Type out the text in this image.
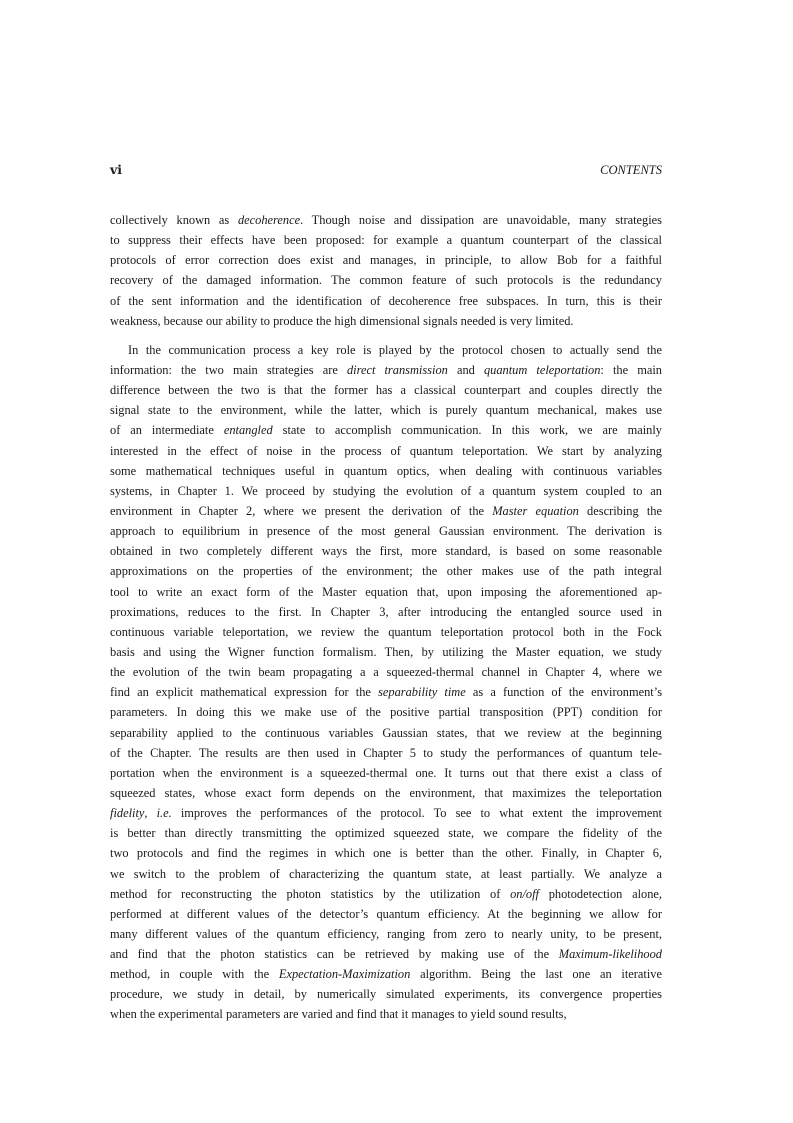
vi	CONTENTS
collectively known as decoherence. Though noise and dissipation are unavoidable, many strategies
to suppress their effects have been proposed: for example a quantum counterpart of the classical
protocols of error correction does exist and manages, in principle, to allow Bob for a faithful
recovery of the damaged information. The common feature of such protocols is the redundancy
of the sent information and the identification of decoherence free subspaces. In turn, this is their
weakness, because our ability to produce the high dimensional signals needed is very limited.
In the communication process a key role is played by the protocol chosen to actually send the
information: the two main strategies are direct transmission and quantum teleportation: the main
difference between the two is that the former has a classical counterpart and couples directly the
signal state to the environment, while the latter, which is purely quantum mechanical, makes use
of an intermediate entangled state to accomplish communication. In this work, we are mainly
interested in the effect of noise in the process of quantum teleportation. We start by analyzing
some mathematical techniques useful in quantum optics, when dealing with continuous variables
systems, in Chapter 1. We proceed by studying the evolution of a quantum system coupled to an
environment in Chapter 2, where we present the derivation of the Master equation describing the
approach to equilibrium in presence of the most general Gaussian environment. The derivation is
obtained in two completely different ways the first, more standard, is based on some reasonable
approximations on the properties of the environment; the other makes use of the path integral
tool to write an exact form of the Master equation that, upon imposing the aforementioned ap-
proximations, reduces to the first. In Chapter 3, after introducing the entangled source used in
continuous variable teleportation, we review the quantum teleportation protocol both in the Fock
basis and using the Wigner function formalism. Then, by utilizing the Master equation, we study
the evolution of the twin beam propagating a a squeezed-thermal channel in Chapter 4, where we
find an explicit mathematical expression for the separability time as a function of the environment’s
parameters. In doing this we make use of the positive partial transposition (PPT) condition for
separability applied to the continuous variables Gaussian states, that we review at the beginning
of the Chapter. The results are then used in Chapter 5 to study the performances of quantum tele-
portation when the environment is a squeezed-thermal one. It turns out that there exist a class of
squeezed states, whose exact form depends on the environment, that maximizes the teleportation
fidelity, i.e. improves the performances of the protocol. To see to what extent the improvement
is better than directly transmitting the optimized squeezed state, we compare the fidelity of the
two protocols and find the regimes in which one is better than the other. Finally, in Chapter 6,
we switch to the problem of characterizing the quantum state, at least partially. We analyze a
method for reconstructing the photon statistics by the utilization of on/off photodetection alone,
performed at different values of the detector’s quantum efficiency. At the beginning we allow for
many different values of the quantum efficiency, ranging from zero to nearly unity, to be present,
and find that the photon statistics can be retrieved by making use of the Maximum-likelihood
method, in couple with the Expectation-Maximization algorithm. Being the last one an iterative
procedure, we study in detail, by numerically simulated experiments, its convergence properties
when the experimental parameters are varied and find that it manages to yield sound results,
